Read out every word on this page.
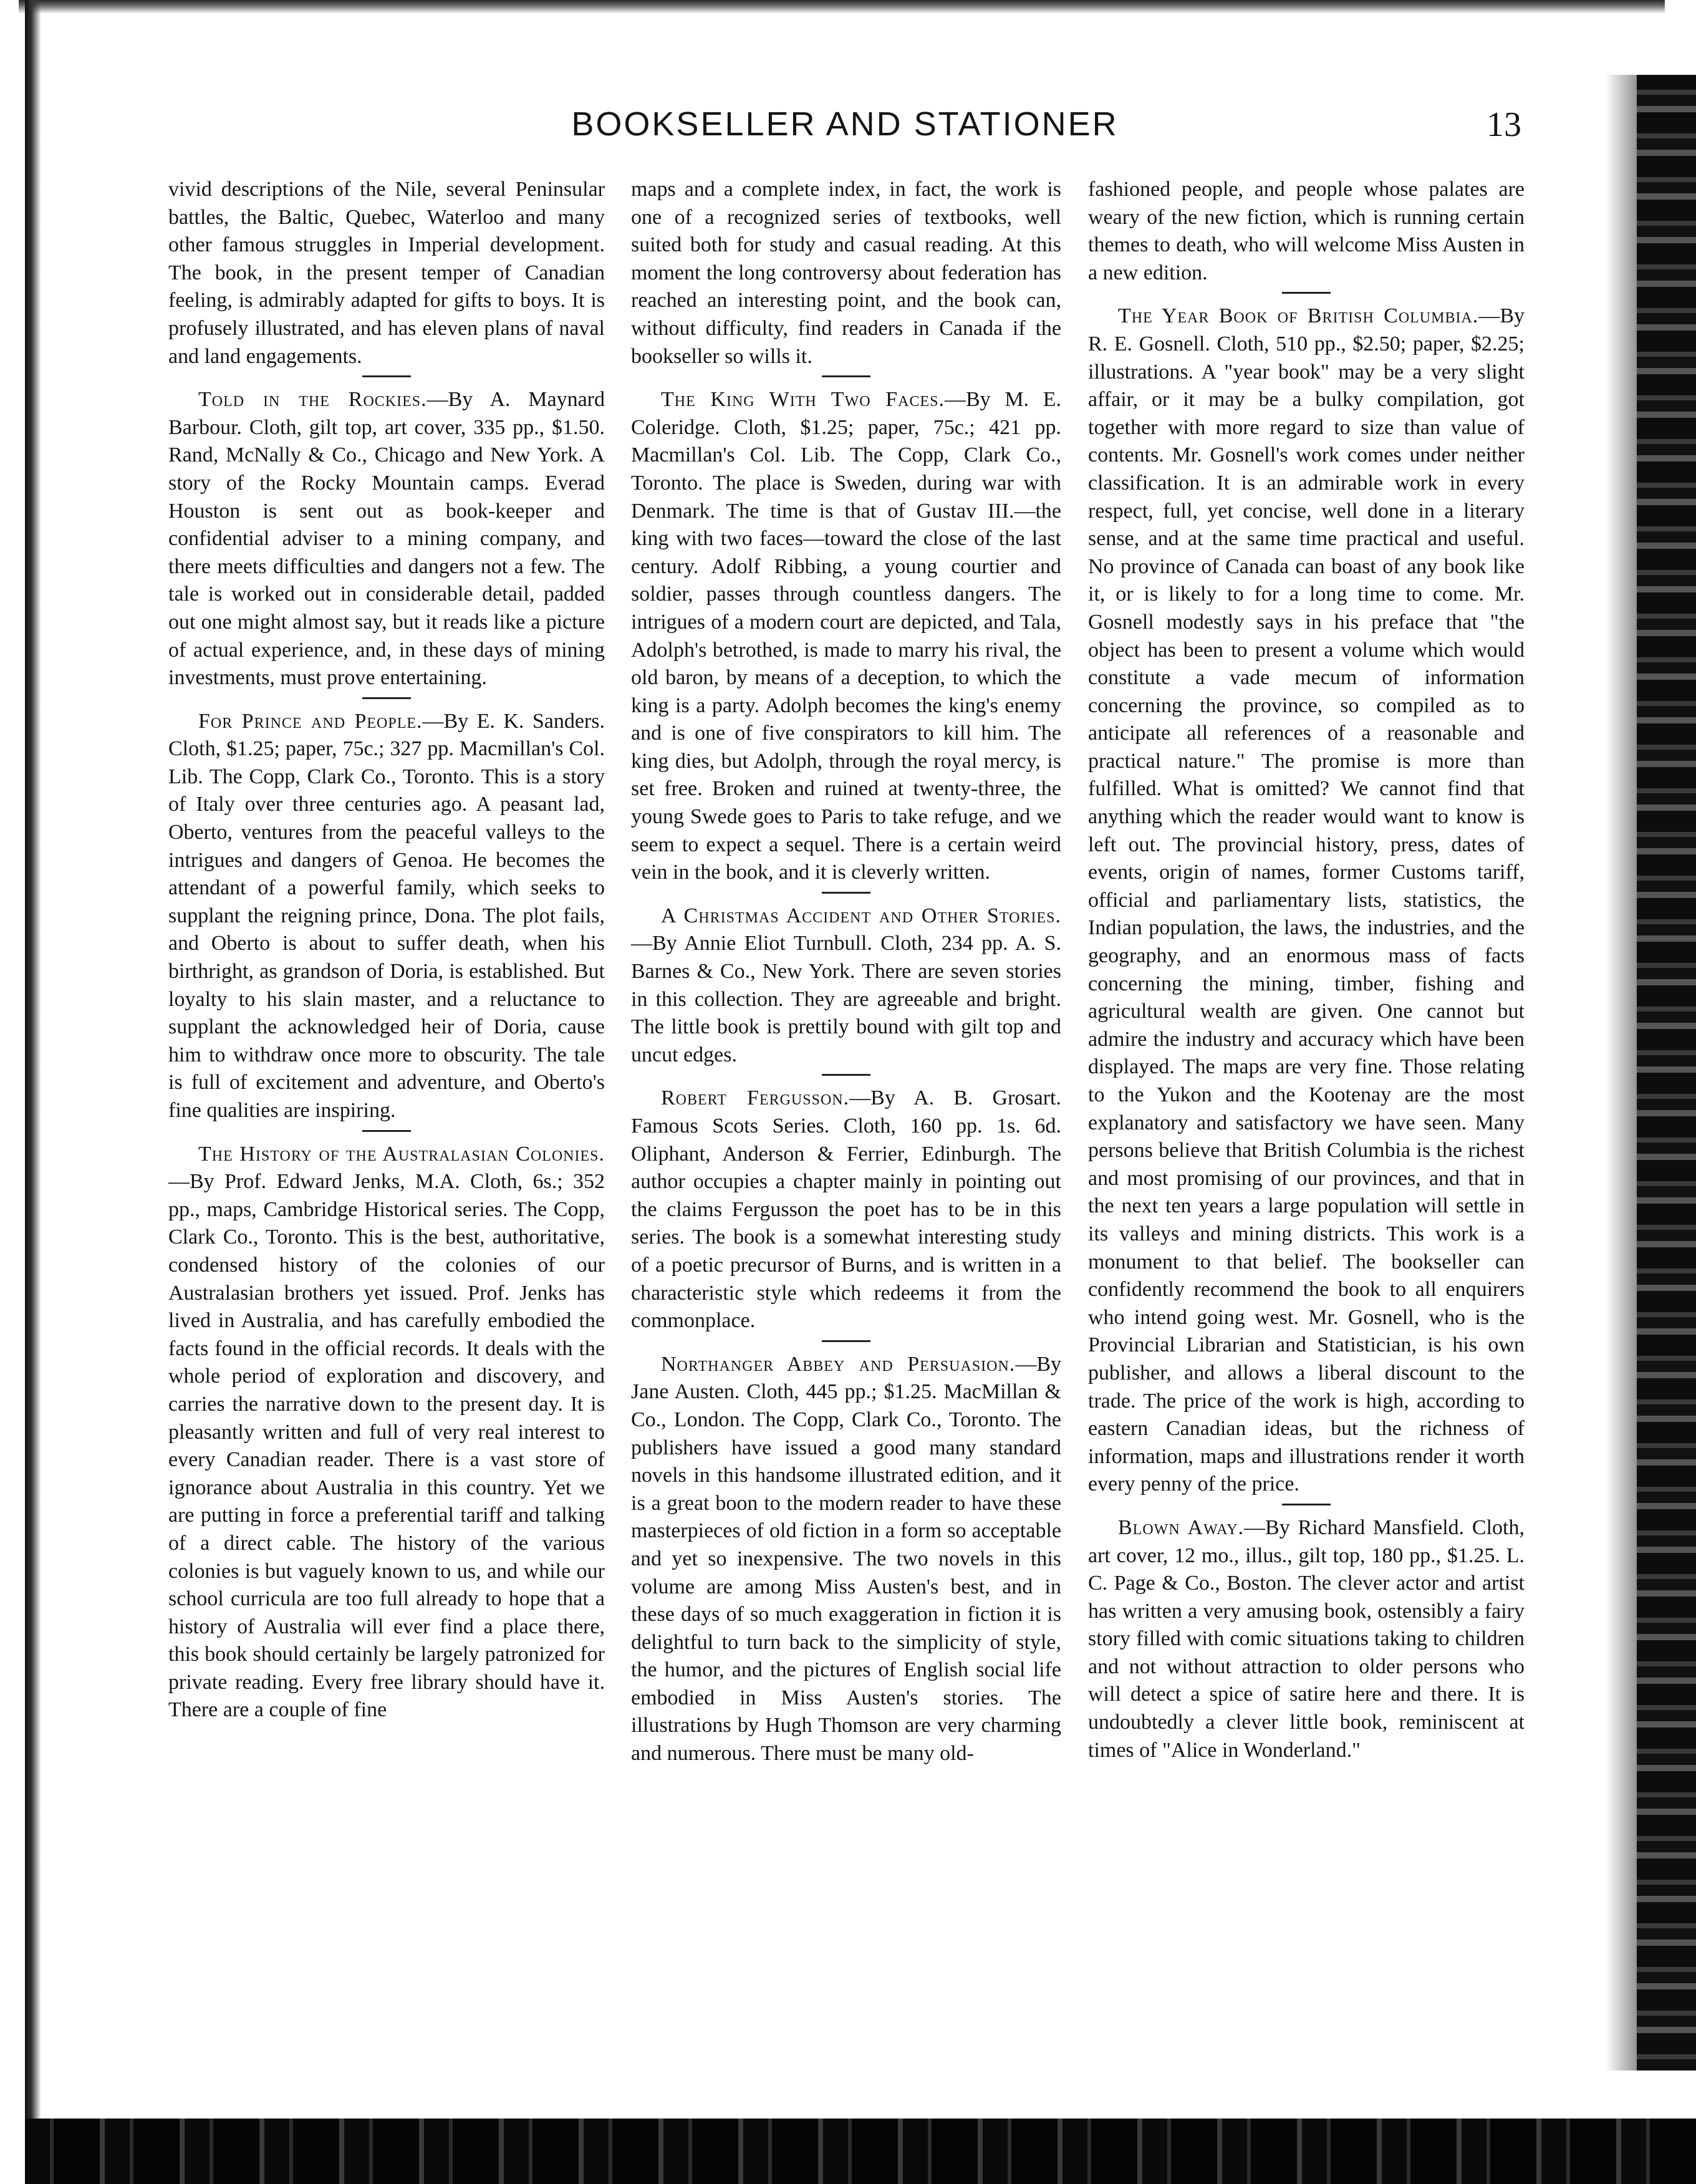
BOOKSELLER AND STATIONER	13

vivid descriptions of the Nile, several Peninsular battles, the Baltic, Quebec, Waterloo and many other famous struggles in Imperial development. The book, in the present temper of Canadian feeling, is admirably adapted for gifts to boys. It is profusely illustrated, and has eleven plans of naval and land engagements.

Told in the Rockies.—By A. Maynard Barbour. Cloth, gilt top, art cover, 335 pp., $1.50. Rand, McNally & Co., Chicago and New York. A story of the Rocky Mountain camps. Everad Houston is sent out as book-keeper and confidential adviser to a mining company, and there meets difficulties and dangers not a few. The tale is worked out in considerable detail, padded out one might almost say, but it reads like a picture of actual experience, and, in these days of mining investments, must prove entertaining.

For Prince and People.—By E. K. Sanders. Cloth, $1.25; paper, 75c.; 327 pp. Macmillan's Col. Lib. The Copp, Clark Co., Toronto. This is a story of Italy over three centuries ago. A peasant lad, Oberto, ventures from the peaceful valleys to the intrigues and dangers of Genoa. He becomes the attendant of a powerful family, which seeks to supplant the reigning prince, Dona. The plot fails, and Oberto is about to suffer death, when his birthright, as grandson of Doria, is established. But loyalty to his slain master, and a reluctance to supplant the acknowledged heir of Doria, cause him to withdraw once more to obscurity. The tale is full of excitement and adventure, and Oberto's fine qualities are inspiring.

The History of the Australasian Colonies.—By Prof. Edward Jenks, M.A. Cloth, 6s.; 352 pp., maps, Cambridge Historical series. The Copp, Clark Co., Toronto. This is the best, authoritative, condensed history of the colonies of our Australasian brothers yet issued. Prof. Jenks has lived in Australia, and has carefully embodied the facts found in the official records. It deals with the whole period of exploration and discovery, and carries the narrative down to the present day. It is pleasantly written and full of very real interest to every Canadian reader. There is a vast store of ignorance about Australia in this country. Yet we are putting in force a preferential tariff and talking of a direct cable. The history of the various colonies is but vaguely known to us, and while our school curricula are too full already to hope that a history of Australia will ever find a place there, this book should certainly be largely patronized for private reading. Every free library should have it. There are a couple of fine

maps and a complete index, in fact, the work is one of a recognized series of textbooks, well suited both for study and casual reading. At this moment the long controversy about federation has reached an interesting point, and the book can, without difficulty, find readers in Canada if the bookseller so wills it.

The King With Two Faces.—By M. E. Coleridge. Cloth, $1.25; paper, 75c.; 421 pp. Macmillan's Col. Lib. The Copp, Clark Co., Toronto. The place is Sweden, during war with Denmark. The time is that of Gustav III.—the king with two faces—toward the close of the last century. Adolf Ribbing, a young courtier and soldier, passes through countless dangers. The intrigues of a modern court are depicted, and Tala, Adolph's betrothed, is made to marry his rival, the old baron, by means of a deception, to which the king is a party. Adolph becomes the king's enemy and is one of five conspirators to kill him. The king dies, but Adolph, through the royal mercy, is set free. Broken and ruined at twenty-three, the young Swede goes to Paris to take refuge, and we seem to expect a sequel. There is a certain weird vein in the book, and it is cleverly written.

A Christmas Accident and Other Stories.—By Annie Eliot Turnbull. Cloth, 234 pp. A. S. Barnes & Co., New York. There are seven stories in this collection. They are agreeable and bright. The little book is prettily bound with gilt top and uncut edges.

Robert Fergusson.—By A. B. Grosart. Famous Scots Series. Cloth, 160 pp. 1s. 6d. Oliphant, Anderson & Ferrier, Edinburgh. The author occupies a chapter mainly in pointing out the claims Fergusson the poet has to be in this series. The book is a somewhat interesting study of a poetic precursor of Burns, and is written in a characteristic style which redeems it from the commonplace.

Northanger Abbey and Persuasion.—By Jane Austen. Cloth, 445 pp.; $1.25. MacMillan & Co., London. The Copp, Clark Co., Toronto. The publishers have issued a good many standard novels in this handsome illustrated edition, and it is a great boon to the modern reader to have these masterpieces of old fiction in a form so acceptable and yet so inexpensive. The two novels in this volume are among Miss Austen's best, and in these days of so much exaggeration in fiction it is delightful to turn back to the simplicity of style, the humor, and the pictures of English social life embodied in Miss Austen's stories. The illustrations by Hugh Thomson are very charming and numerous. There must be many old-

fashioned people, and people whose palates are weary of the new fiction, which is running certain themes to death, who will welcome Miss Austen in a new edition.

The Year Book of British Columbia.—By R. E. Gosnell. Cloth, 510 pp., $2.50; paper, $2.25; illustrations. A "year book" may be a very slight affair, or it may be a bulky compilation, got together with more regard to size than value of contents. Mr. Gosnell's work comes under neither classification. It is an admirable work in every respect, full, yet concise, well done in a literary sense, and at the same time practical and useful. No province of Canada can boast of any book like it, or is likely to for a long time to come. Mr. Gosnell modestly says in his preface that "the object has been to present a volume which would constitute a vade mecum of information concerning the province, so compiled as to anticipate all references of a reasonable and practical nature." The promise is more than fulfilled. What is omitted? We cannot find that anything which the reader would want to know is left out. The provincial history, press, dates of events, origin of names, former Customs tariff, official and parliamentary lists, statistics, the Indian population, the laws, the industries, and the geography, and an enormous mass of facts concerning the mining, timber, fishing and agricultural wealth are given. One cannot but admire the industry and accuracy which have been displayed. The maps are very fine. Those relating to the Yukon and the Kootenay are the most explanatory and satisfactory we have seen. Many persons believe that British Columbia is the richest and most promising of our provinces, and that in the next ten years a large population will settle in its valleys and mining districts. This work is a monument to that belief. The bookseller can confidently recommend the book to all enquirers who intend going west. Mr. Gosnell, who is the Provincial Librarian and Statistician, is his own publisher, and allows a liberal discount to the trade. The price of the work is high, according to eastern Canadian ideas, but the richness of information, maps and illustrations render it worth every penny of the price.

Blown Away.—By Richard Mansfield. Cloth, art cover, 12 mo., illus., gilt top, 180 pp., $1.25. L. C. Page & Co., Boston. The clever actor and artist has written a very amusing book, ostensibly a fairy story filled with comic situations taking to children and not without attraction to older persons who will detect a spice of satire here and there. It is undoubtedly a clever little book, reminiscent at times of "Alice in Wonderland."
